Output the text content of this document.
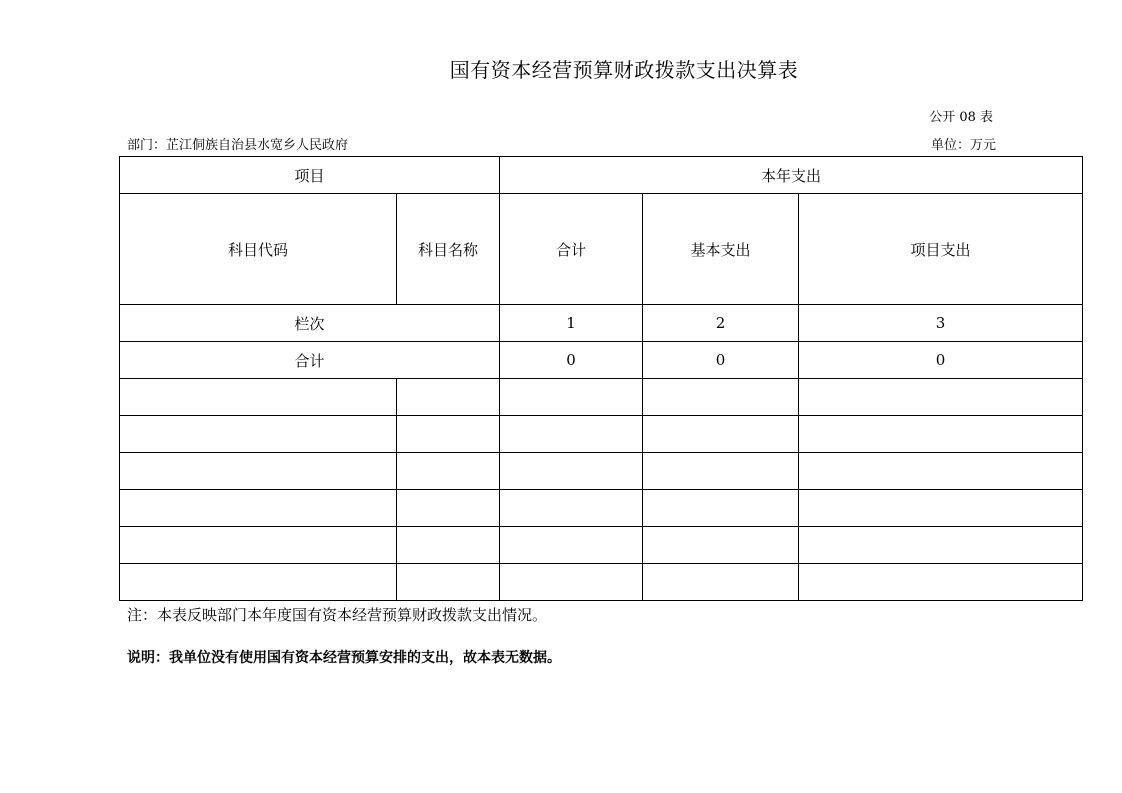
国有资本经营预算财政拨款支出决算表
公开 08 表
部门：芷江侗族自治县水宽乡人民政府	单位：万元
项目		本年支出		
科目代码	科目名称	合计	基本支出	项目支出
栏次		1	2	3
合计		0	0	0

注：本表反映部门本年度国有资本经营预算财政拨款支出情况。
说明：我单位没有使用国有资本经营预算安排的支出，故本表无数据。
